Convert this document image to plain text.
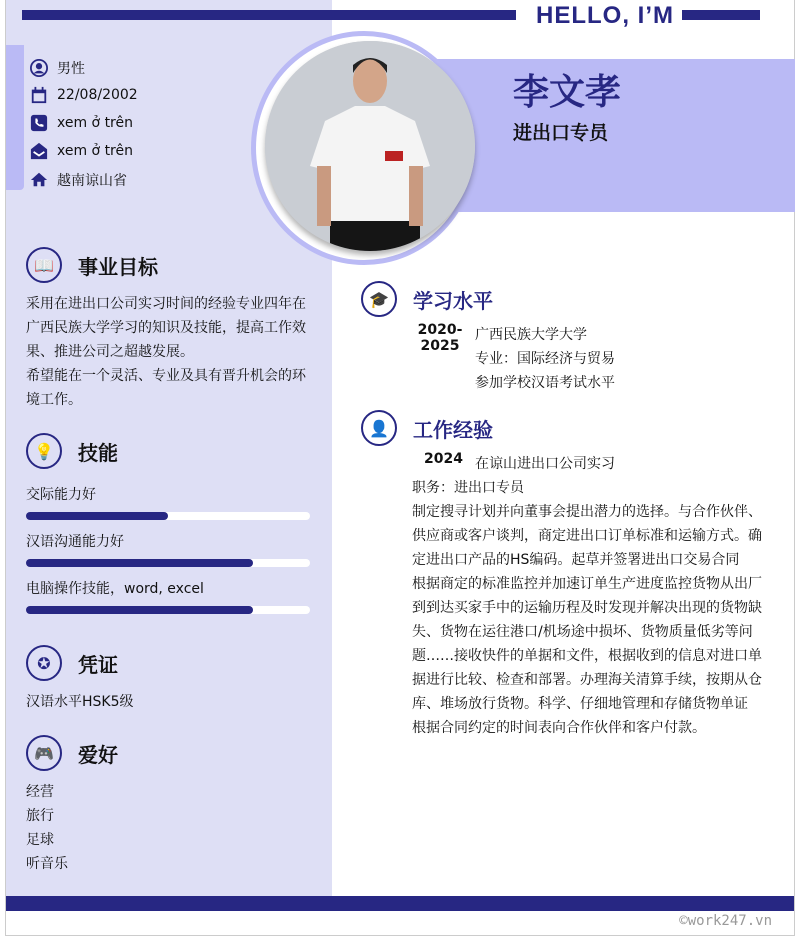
HELLO, I’M
李文孝
进出口专员
男性
22/08/2002
xem ở trên
xem ở trên
越南谅山省
📖	事业目标
采用在进出口公司实习时间的经验专业四年在
广西民族大学学习的知识及技能，提高工作效
果、推进公司之超越发展。
希望能在一个灵活、专业及具有晋升机会的环
境工作。
💡	技能
交际能力好
汉语沟通能力好
电脑操作技能，word, excel
✪	凭证
汉语水平HSK5级
🎮	爱好
经营
旅行
足球
听音乐
🎓	学习水平
2020-
2025
广西民族大学大学
专业：国际经济与贸易
参加学校汉语考试水平
👤	工作经验
2024 在谅山进出口公司实习
职务：进出口专员
制定搜寻计划并向董事会提出潜力的选择。与合作伙伴、
供应商或客户谈判，商定进出口订单标准和运输方式。确
定进出口产品的HS编码。起草并签署进出口交易合同
根据商定的标准监控并加速订单生产进度监控货物从出厂
到到达买家手中的运输历程及时发现并解决出现的货物缺
失、货物在运往港口/机场途中损坏、货物质量低劣等问
题……接收快件的单据和文件，根据收到的信息对进口单
据进行比较、检查和部署。办理海关清算手续，按期从仓
库、堆场放行货物。科学、仔细地管理和存储货物单证
根据合同约定的时间表向合作伙伴和客户付款。
©work247.vn
